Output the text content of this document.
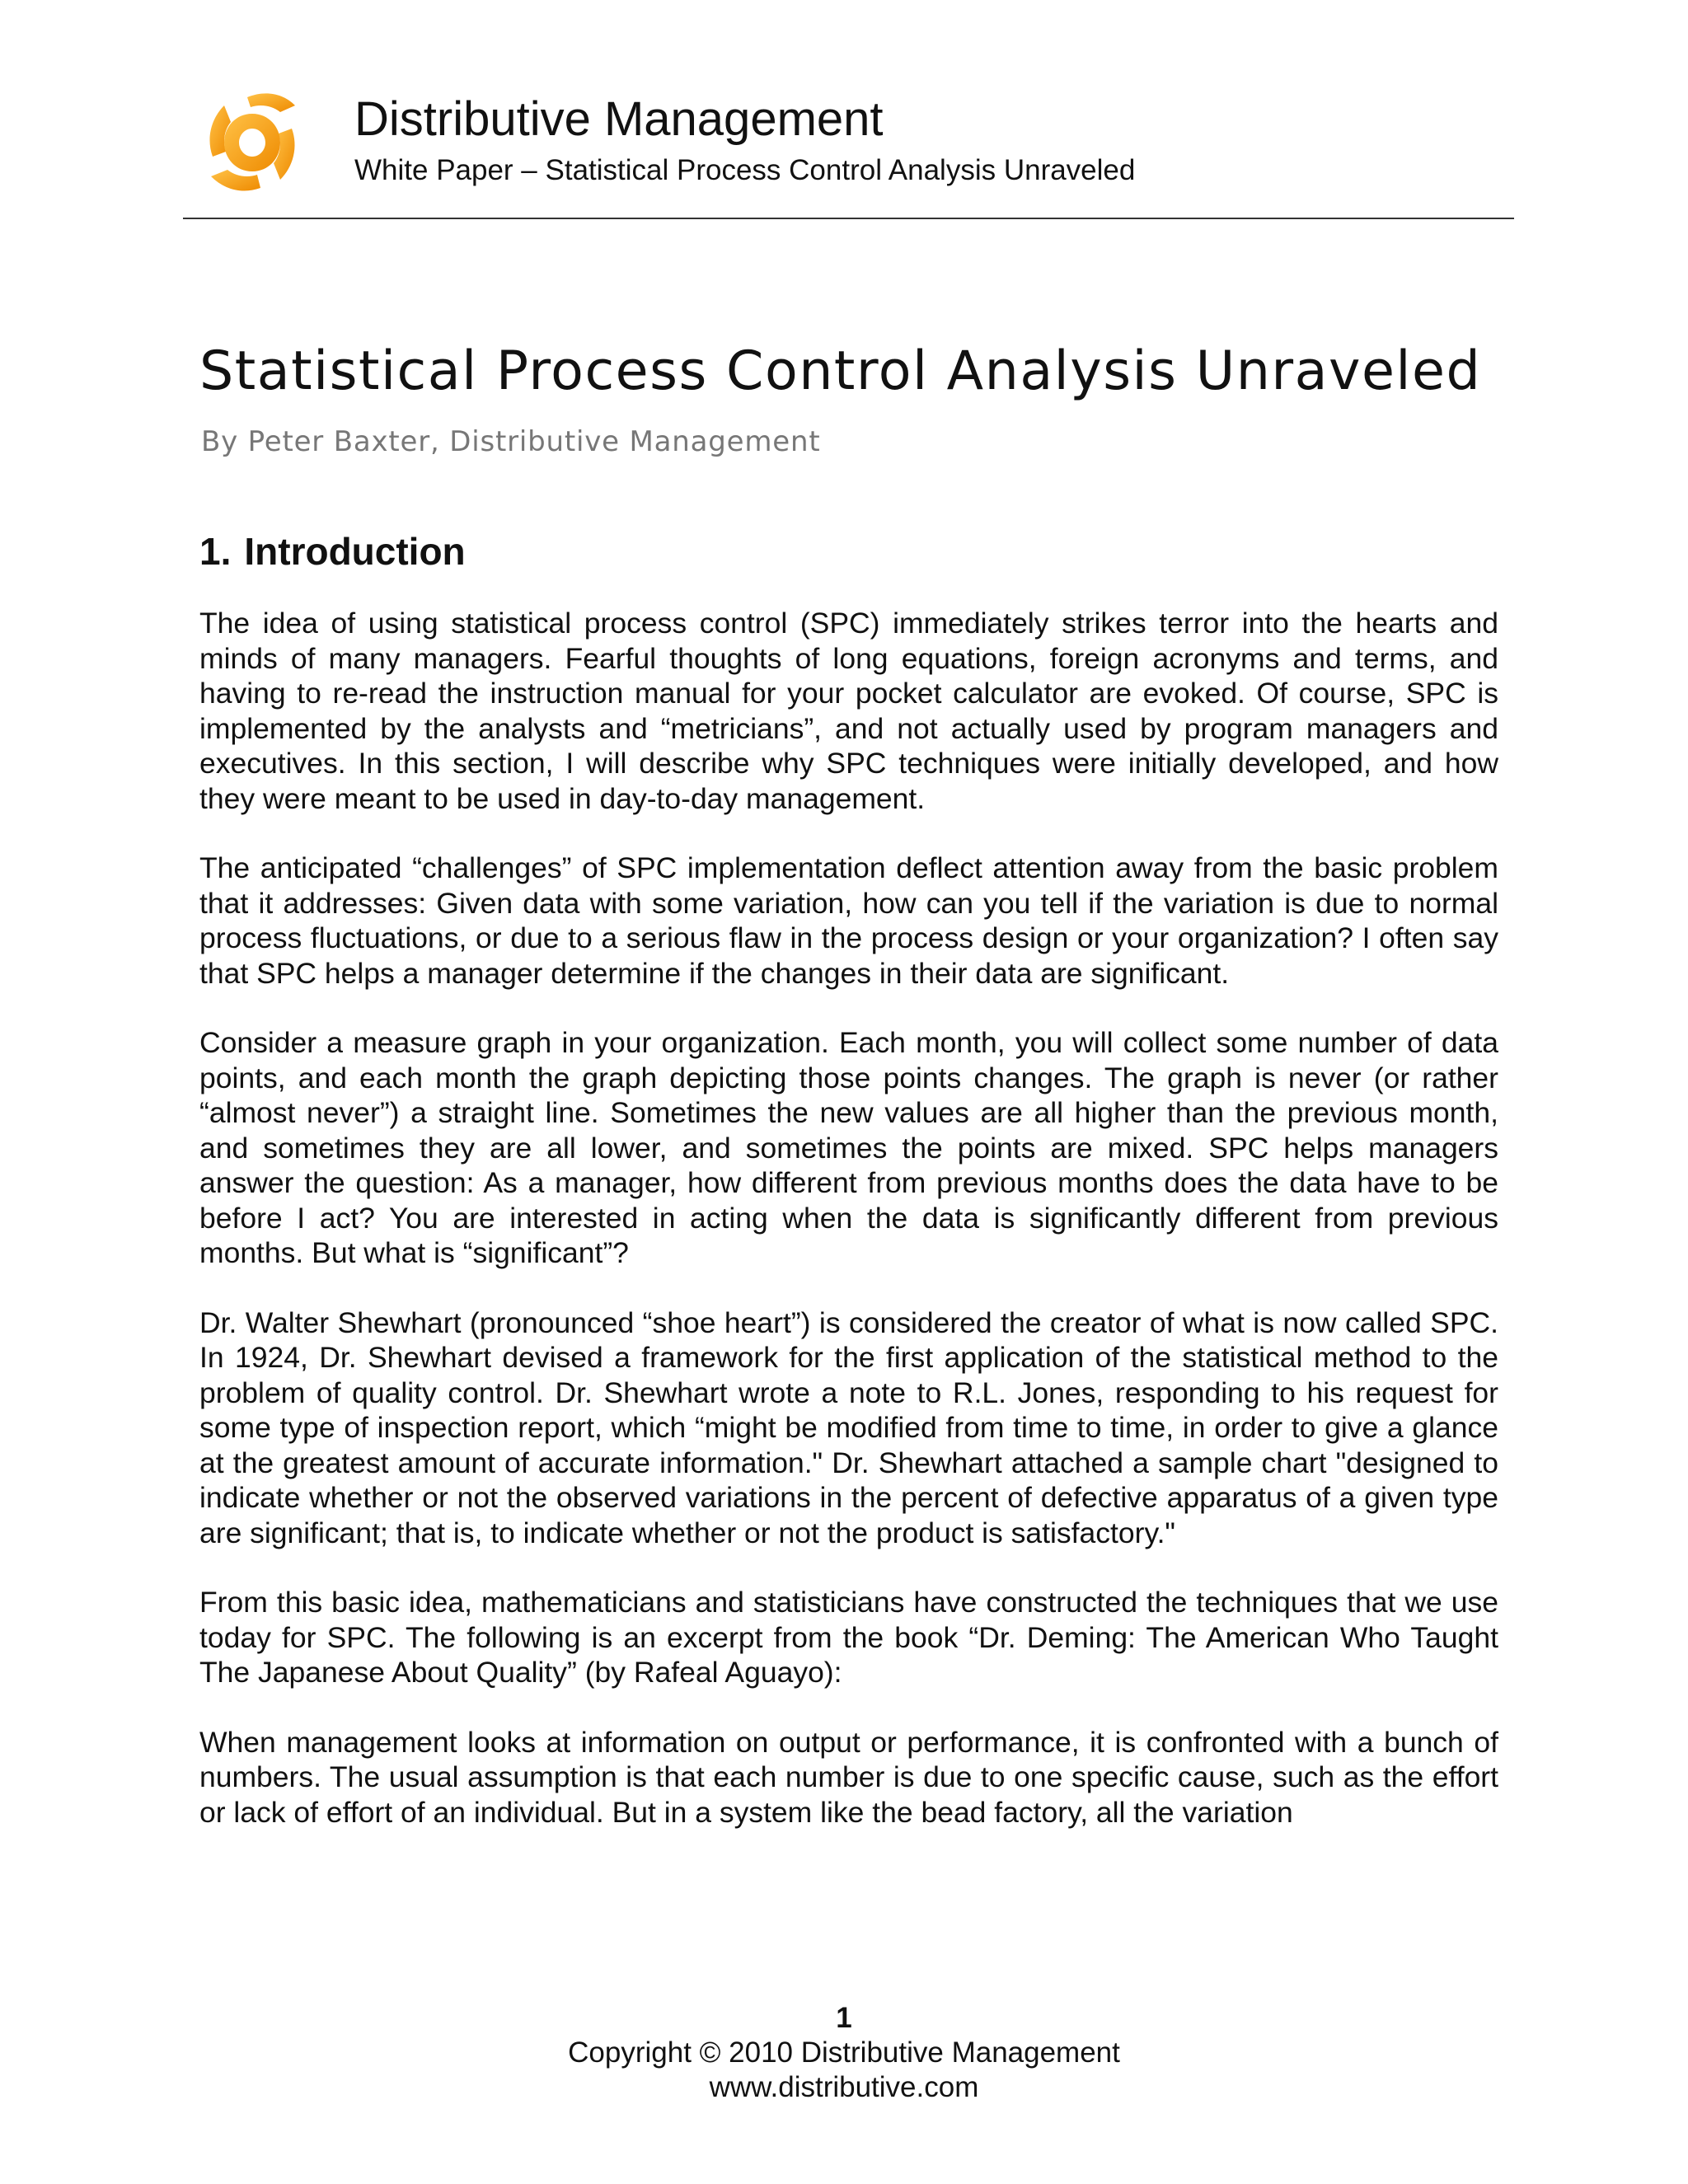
Distributive Management
White Paper – Statistical Process Control Analysis Unraveled
Statistical Process Control Analysis Unraveled
By Peter Baxter, Distributive Management
1. Introduction

The idea of using statistical process control (SPC) immediately strikes terror into the hearts and minds of many managers. Fearful thoughts of long equations, foreign acronyms and terms, and having to re-read the instruction manual for your pocket calculator are evoked. Of course, SPC is implemented by the analysts and “metricians”, and not actually used by program managers and executives. In this section, I will describe why SPC techniques were initially developed, and how they were meant to be used in day-to-day management.

The anticipated “challenges” of SPC implementation deflect attention away from the basic problem that it addresses: Given data with some variation, how can you tell if the variation is due to normal process fluctuations, or due to a serious flaw in the process design or your organization? I often say that SPC helps a manager determine if the changes in their data are significant.

Consider a measure graph in your organization. Each month, you will collect some number of data points, and each month the graph depicting those points changes. The graph is never (or rather “almost never”) a straight line. Sometimes the new values are all higher than the previous month, and sometimes they are all lower, and sometimes the points are mixed. SPC helps managers answer the question: As a manager, how different from previous months does the data have to be before I act? You are interested in acting when the data is significantly different from previous months. But what is “significant”?

Dr. Walter Shewhart (pronounced “shoe heart”) is considered the creator of what is now called SPC. In 1924, Dr. Shewhart devised a framework for the first application of the statistical method to the problem of quality control. Dr. Shewhart wrote a note to R.L. Jones, responding to his request for some type of inspection report, which “might be modified from time to time, in order to give a glance at the greatest amount of accurate information." Dr. Shewhart attached a sample chart "designed to indicate whether or not the observed variations in the percent of defective apparatus of a given type are significant; that is, to indicate whether or not the product is satisfactory."

From this basic idea, mathematicians and statisticians have constructed the techniques that we use today for SPC. The following is an excerpt from the book “Dr. Deming: The American Who Taught The Japanese About Quality” (by Rafeal Aguayo):

When management looks at information on output or performance, it is confronted with a bunch of numbers. The usual assumption is that each number is due to one specific cause, such as the effort or lack of effort of an individual. But in a system like the bead factory, all the variation

1
Copyright © 2010 Distributive Management
www.distributive.com
